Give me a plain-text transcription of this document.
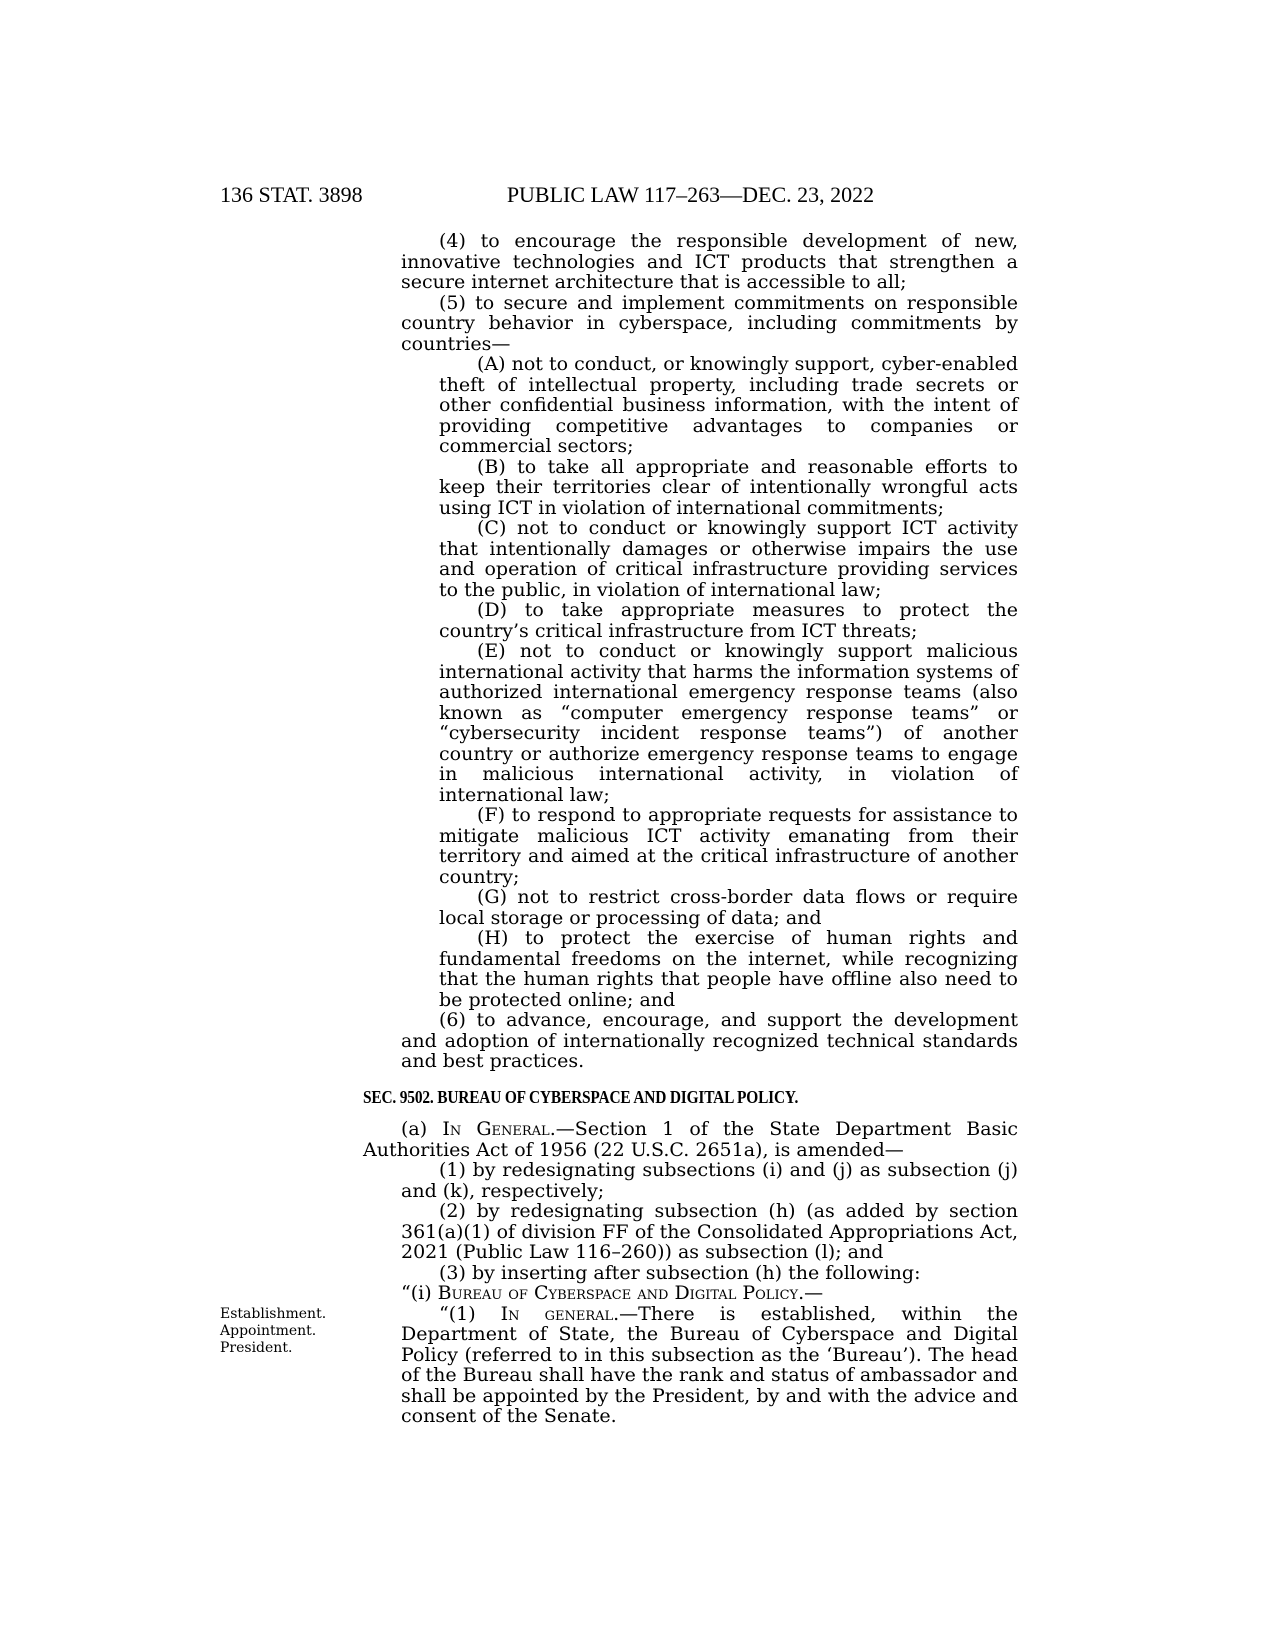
136 STAT. 3898	PUBLIC LAW 117–263—DEC. 23, 2022

(4) to encourage the responsible development of new, innovative technologies and ICT products that strengthen a secure internet architecture that is accessible to all;

(5) to secure and implement commitments on responsible country behavior in cyberspace, including commitments by countries—

(A) not to conduct, or knowingly support, cyber-enabled theft of intellectual property, including trade secrets or other confidential business information, with the intent of providing competitive advantages to companies or commercial sectors;

(B) to take all appropriate and reasonable efforts to keep their territories clear of intentionally wrongful acts using ICT in violation of international commitments;

(C) not to conduct or knowingly support ICT activity that intentionally damages or otherwise impairs the use and operation of critical infrastructure providing services to the public, in violation of international law;

(D) to take appropriate measures to protect the country’s critical infrastructure from ICT threats;

(E) not to conduct or knowingly support malicious international activity that harms the information systems of authorized international emergency response teams (also known as “computer emergency response teams” or “cybersecurity incident response teams”) of another country or authorize emergency response teams to engage in malicious international activity, in violation of international law;

(F) to respond to appropriate requests for assistance to mitigate malicious ICT activity emanating from their territory and aimed at the critical infrastructure of another country;

(G) not to restrict cross-border data flows or require local storage or processing of data; and

(H) to protect the exercise of human rights and fundamental freedoms on the internet, while recognizing that the human rights that people have offline also need to be protected online; and

(6) to advance, encourage, and support the development and adoption of internationally recognized technical standards and best practices.

SEC. 9502. BUREAU OF CYBERSPACE AND DIGITAL POLICY.

(a) In General.—Section 1 of the State Department Basic Authorities Act of 1956 (22 U.S.C. 2651a), is amended—

(1) by redesignating subsections (i) and (j) as subsection (j) and (k), respectively;

(2) by redesignating subsection (h) (as added by section 361(a)(1) of division FF of the Consolidated Appropriations Act, 2021 (Public Law 116–260)) as subsection (l); and

(3) by inserting after subsection (h) the following:

“(i) Bureau of Cyberspace and Digital Policy.—

Establishment.
Appointment.
President.
“(1) In general.—There is established, within the Department of State, the Bureau of Cyberspace and Digital Policy (referred to in this subsection as the ‘Bureau’). The head of the Bureau shall have the rank and status of ambassador and shall be appointed by the President, by and with the advice and consent of the Senate.
